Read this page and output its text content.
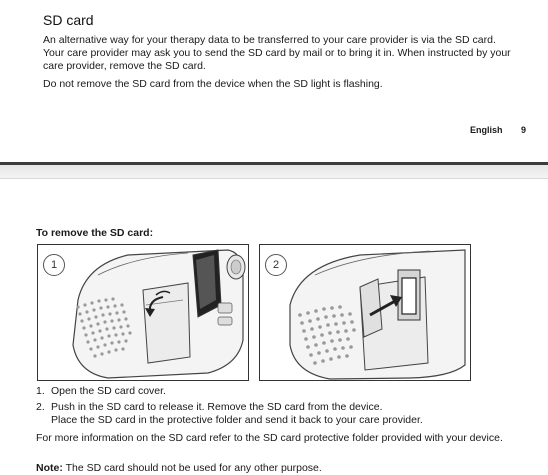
SD card

An alternative way for your therapy data to be transferred to your care provider is via the SD card. Your care provider may ask you to send the SD card by mail or to bring it in. When instructed by your care provider, remove the SD card.

Do not remove the SD card from the device when the SD light is flashing.

English 9
To remove the SD card:
1	2
1. Open the SD card cover.
2. Push in the SD card to release it. Remove the SD card from the device.
Place the SD card in the protective folder and send it back to your care provider.

For more information on the SD card refer to the SD card protective folder provided with your device.

Note: The SD card should not be used for any other purpose.
